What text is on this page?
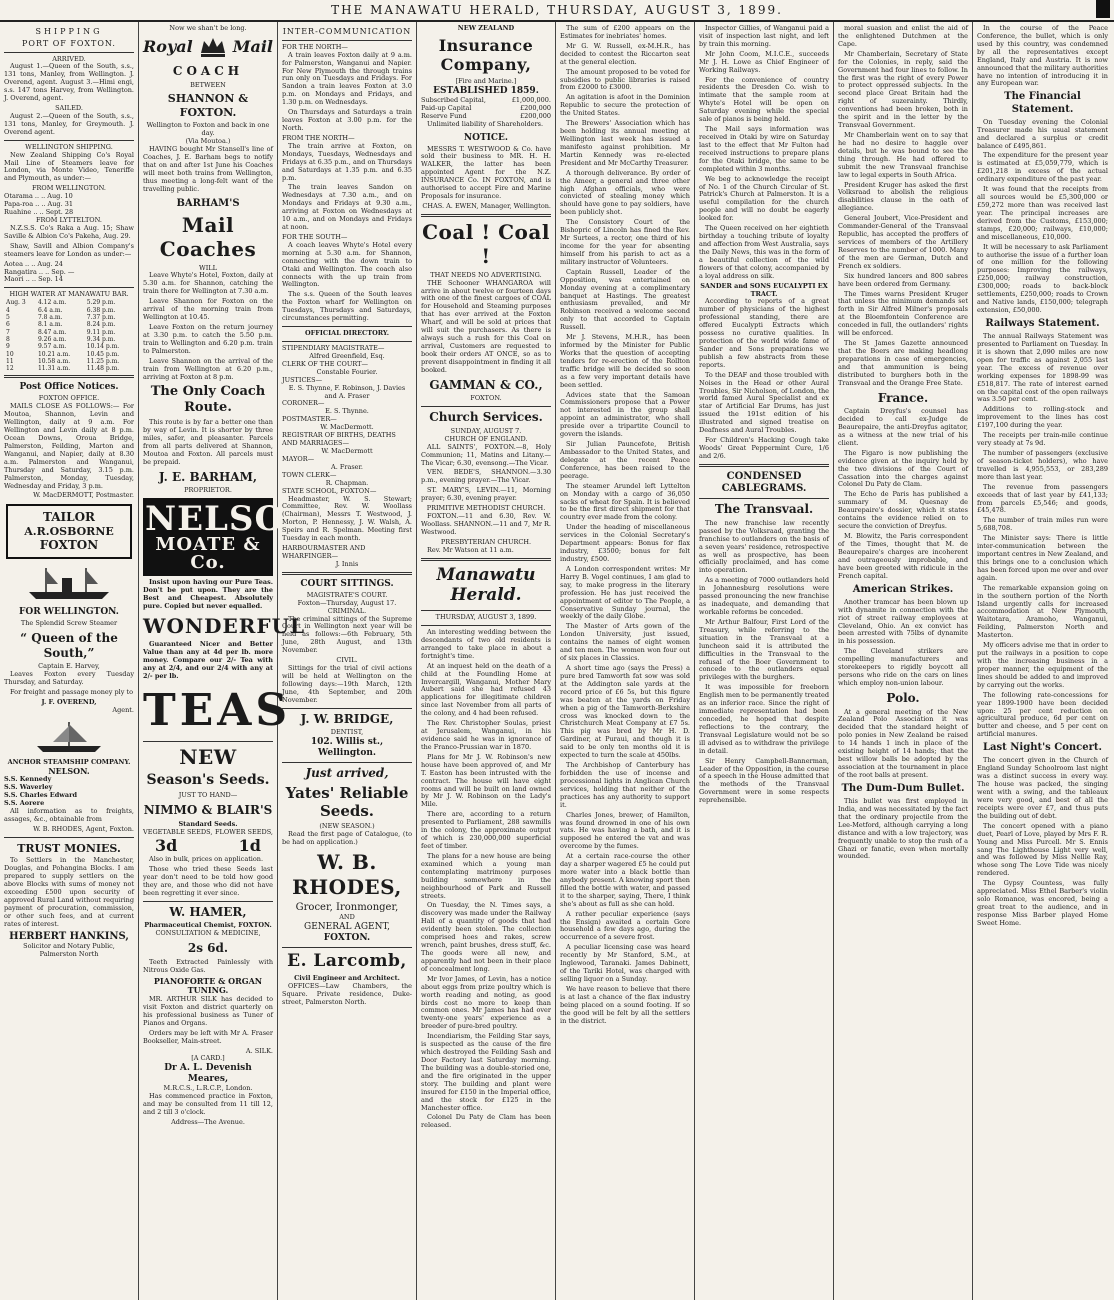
THE MANAWATU HERALD, THURSDAY, AUGUST 3, 1899.
SHIPPING
PORT OF FOXTON.
ARRIVED.

August 1.—Queen of the South, s.s., 131 tons, Manley, from Wellington. J. Overend, agent. August 3.—Himi engi, s.s. 147 tons Harvey, from Wellington. J. Overend, agent.

SAILED.

August 2.—Queen of the South, s.s., 131 tons, Manley, for Greymouth. J. Overend agent.

WELLINGTON SHIPPING.

New Zealand Shipping Co's Royal Mail Line of Steamers leave for London, via Monte Video, Teneriffe and Plymouth, as under:—

FROM WELLINGTON.
Otarama .. .. Aug. 10
Papa-roa .. .. Aug. 31
Ruahine .. .. Sept. 28
FROM LYTTELTON.

N.Z.S.S. Co's Raka a Aug. 15; Shaw Saville & Albion Co's Pakeha, Aug. 29.

Shaw, Savill and Albion Company's steamers leave for London as under:—

Aotea .. .. Aug. 24
Rangatira .. .. Sep. —
Maori .. .. Sep. 14
HIGH WATER AT MANAWATU BAR.
Aug. 3	4.12 a.m.	5.29 p.m.
4	6.4 a.m.	6.38 p.m.
5	7.8 a.m.	7.37 p.m.
6	8.1 a.m.	8.24 p.m.
7	8.47 a.m.	9.11 p.m.
8	9.26 a.m.	9.34 p.m.
9	9.57 a.m.	10.14 p.m.
10	10.21 a.m.	10.45 p.m.
11	10.58 a.m.	11.25 p.m.
12	11.31 a.m.	11.48 p.m.
Post Office Notices.
FOXTON OFFICE.

MAILS CLOSE AS FOLLOWS:— For Moutoa, Shannon, Levin and Wellington, daily at 9 a.m. For Wellington and Levin daily at 8 p.m. Ocean Downs, Oroua Bridge, Palmerston, Feilding, Marton and Wanganui, and Napier, daily at 8.30 a.m. Palmerston and Wanganui, Thursday and Saturday, 3.15 p.m. Palmerston, Monday, Tuesday, Wednesday and Friday, 3 p.m.

W. MacDERMOTT, Postmaster.
TAILOR
A.R.OSBORNE
FOXTON
FOR WELLINGTON.
The Splendid Screw Steamer
“ Queen of the South,”
Captain E. Harvey,

Leaves Foxton every Tuesday Thursday, and Saturday.

For freight and passage money ply to

J. F. OVEREND,
Agent.
ANCHOR STEAMSHIP COMPANY.
NELSON.
S.S. Kennedy
S.S. Waverley
S.S. Charles Edward
S.S. Aorere

All information as to freights, assages, &c., obtainable from

W. B. RHODES, Agent, Foxton.
TRUST MONIES.

To Settlers in the Manchester, Douglas, and Pohangina Blocks. I am prepared to supply settlers on the above Blocks with sums of money not exceeding £500 upon security of approved Rural Land without requiring payment of procuration, commission, or other such fees, and at current rates of interest.

HERBERT HANKINS,
Solicitor and Notary Public, Palmerston North
Now we shan't be long.
Royal	Mail
COACH
BETWEEN
SHANNON & FOXTON.
Wellington to Foxton and back in one day.
(Via Moutoa.)

HAVING bought Mr Stansell's line of Coaches, J. E. Barham begs to notify that on and after 1st June his Coaches will meet both trains from Wellington, thus meeting a long-felt want of the travelling public.

BARHAM'S
Mail Coaches
WILL

Leave Whyte's Hotel, Foxton, daily at 5.30 a.m. for Shannon, catching the train there for Wellington at 7.30 a.m.

Leave Shannon for Foxton on the arrival of the morning train from Wellington at 10.45.

Leave Foxton on the return journey at 3.30 p.m. to catch the 5.50 p.m. train to Wellington and 6.20 p.m. train to Palmerston.

Leave Shannon on the arrival of the train from Wellington at 6.20 p.m., arriving at Foxton at 8 p.m.

The Only Coach Route.

This route is by far a better one than by way of Levin. It is shorter by three miles, safer, and pleasanter. Parcels from all parts delivered at Shannon, Moutoa and Foxton. All parcels must be prepaid.

J. E. BARHAM,
PROPRIETOR.
NELSON
MOATE & Co.

Insist upon having our Pure Teas. Don't be put upon. They are the Best and Cheapest. Absolutely pure. Copied but never equalled.

WONDERFUL

Guaranteed Nicer and Better Value than any at 4d per lb. more money. Compare our 2/- Tea with any at 2/4, and our 2/4 with any at 2/- per lb.

TEAS
NEW
Season's Seeds.
JUST TO HAND—
NIMMO & BLAIR'S
Standard Seeds.
VEGETABLE SEEDS, FLOWER SEEDS,
3d	1d

Also in bulk, prices on application.

Those who tried these Seeds last year don't need to be told how good they are, and those who did not have been regretting it ever since.

W. HAMER,
Pharmaceutical Chemist, FOXTON.
CONSULTATION & MEDICINE,
2s 6d.

Teeth Extracted Painlessly with Nitrous Oxide Gas.

PIANOFORTE & ORGAN TUNING.

MR. ARTHUR SILK has decided to visit Foxton and district quarterly on his professional business as Tuner of Pianos and Organs.

Orders may be left with Mr A. Fraser Bookseller, Main-street.

A. SILK.
[A CARD.]
Dr A. L. Devenish Meares,
M.R.C.S., L.R.C.P., London.

Has commenced practice in Foxton, and may be consulted from 11 till 12, and 2 till 3 o'clock.

Address—The Avenue.
INTER-COMMUNICATION
FOR THE NORTH—

A train leaves Foxton daily at 9 a.m. for Palmerston, Wanganui and Napier. For New Plymouth the through trains run only on Tuesdays and Fridays. For Sandon a train leaves Foxton at 3.0 p.m. on Mondays and Fridays, and 1.30 p.m. on Wednesdays.

On Thursdays and Saturdays a train leaves Foxton at 3.00 p.m. for the North.

FROM THE NORTH—

The train arrive at Foxton, on Mondays, Tuesdays, Wednesdays and Fridays at 6.35 p.m., and on Thursdays and Saturdays at 1.35 p.m. and 6.35 p.m.

The train leaves Sandon on Wednesdays at 7.30 a.m., and on Mondays and Fridays at 9.30 a.m., arriving at Foxton on Wednesdays at 10 a.m., and on Mondays and Fridays at noon.

FOR THE SOUTH—

A coach leaves Whyte's Hotel every morning at 5.30 a.m. for Shannon, connecting with the down train to Otaki and Wellington. The coach also connects with the up train from Wellington.

The s.s. Queen of the South leaves the Foxton wharf for Wellington on Tuesdays, Thursdays and Saturdays, circumstances permitting.

OFFICIAL DIRECTORY.
STIPENDIARY MAGISTRATE—
Alfred Greenfield, Esq.
CLERK OF THE COURT—
Constable Fourier.
JUSTICES—
E. S. Thynne, F. Robinson, J. Davies and A. Fraser
CORONER—
E. S. Thynne.
POSTMASTER—
W. MacDermott.
REGISTRAR OF BIRTHS, DEATHS AND MARRIAGES—
W. MacDermott
MAYOR—
A. Fraser.
TOWN CLERK—
R. Chapman.
STATE SCHOOL, FOXTON—

Headmaster, W. S. Stewart; Committee, Rev. W. Woollass (Chairman), Messrs T. Westwood, J. Morton, P. Hennessy, J. W. Walsh, A. Speirs and R. Spelman. Meeting first Tuesday in each month.

HARBOURMASTER AND WHARFINGER—
J. Innis
COURT SITTINGS.
MAGISTRATE'S COURT.
Foxton—Thursday, August 17.
CRIMINAL.

The criminal sittings of the Supreme Court in Wellington next year will be held as follows:—6th February, 5th June, 28th August, and 13th November.

CIVIL.

Sittings for the trial of civil actions will be held at Wellington on the following days:—19th March, 12th June, 4th September, and 20th November.

J. W. BRIDGE,
DENTIST,
102. Willis st., Wellington.
Just arrived,
Yates' Reliable Seeds.
(NEW SEASON.)

Read the first page of Catalogue, (to be had on application.)

W. B. RHODES,
Grocer, Ironmonger,
AND
GENERAL AGENT,
FOXTON.
E. Larcomb,
Civil Engineer and Architect.

OFFICES—Law Chambers, the Square. Private residence, Duke-street, Palmerston North.

NEW ZEALAND
Insurance Company,
[Fire and Marine.]
ESTABLISHED 1859.
Subscribed Capital,	£1,000,000.
Paid-up Capital	£200,000
Reserve Fund	£200,000

Unlimited liability of Shareholders.

NOTICE.

MESSRS T. WESTWOOD & Co. have sold their business to MR. H. H. WALKER, the latter has been appointed Agent for the N.Z. INSURANCE Co. IN FOXTON, and is authorised to accept Fire and Marine Proposals for insurance.

CHAS. A. EWEN, Manager, Wellington.
Coal ! Coal !
THAT NEEDS NO ADVERTISING.

THE Schooner WHANGAROA will arrive in about twelve or fourteen days with one of the finest cargoes of COAL for Household and Steaming purposes that has ever arrived at the Foxton Wharf, and will be sold at prices that will suit the purchasers. As there is always such a rush for this Coal on arrival, Customers are requested to book their orders AT ONCE, so as to prevent disappointment in finding it all booked.

GAMMAN & CO.,
FOXTON.
Church Services.
SUNDAY, AUGUST 7.
CHURCH OF ENGLAND.

ALL SAINTS', FOXTON.—8, Holy Communion; 11, Matins and Litany.—The Vicar; 6.30, evensong.—The Vicar.

VEN. BEDE'S, SHANNON.—3.30 p.m., evening prayer.—The Vicar.

ST. MARY'S, LEVIN.—11, Morning prayer; 6.30, evening prayer.

PRIMITIVE METHODIST CHURCH.

FOXTON.—11 and 6.30, Rev. W. Woollass. SHANNON.—11 and 7, Mr R. Westwood.

PRESBYTERIAN CHURCH.

Rev. Mr Watson at 11 a.m.

Manawatu Herald.
THURSDAY, AUGUST 3, 1899.

An interesting wedding between the descendants of two old residents is arranged to take place in about a fortnight's time.

At an inquest held on the death of a child at the Foundling Home at Invercargill, Wanganui, Mother Mary Aubert said she had refused 43 applications for illegitimate children since last November from all parts of the colony, and 4 had been refused.

The Rev. Christopher Soulas, priest at Jerusalem, Wanganui, in his evidence said he was in ignorance of the Franco-Prussian war in 1870.

Plans for Mr J. W. Robinson's new house have been approved of, and Mr T. Easton has been intrusted with the contract. The house will have eight rooms and will be built on land owned by Mr J. W. Robinson on the Lady's Mile.

There are, according to a return presented to Parliament, 288 sawmills in the colony, the approximate output of which is 230,000,000 superficial feet of timber.

The plans for a new house are being examined which a young man contemplating matrimony purposes building somewhere in the neighbourhood of Park and Russell streets.

On Tuesday, the N. Times says, a discovery was made under the Railway Hall of a quantity of goods that had evidently been stolen. The collection comprised hoes and rakes, screw wrench, paint brushes, dress stuff, &c. The goods were all new, and apparently had not been in their place of concealment long.

Mr Ivor James, of Levin, has a notice about eggs from prize poultry which is worth reading and noting, as good birds cost no more to keep than common ones. Mr James has had over twenty-one years' experience as a breeder of pure-bred poultry.

Incendiarism, the Feilding Star says, is suspected as the cause of the fire which destroyed the Feilding Sash and Door Factory last Saturday morning. The building was a double-storied one, and the fire originated in the upper story. The building and plant were insured for £150 in the Imperial office, and the stock for £125 in the Manchester office.

Colonel Du Paty de Clam has been released.

The sum of £200 appears on the Estimates for inebriates' homes.

Mr G. W. Russell, ex-M.H.R., has decided to contest the Riccarton seat at the general election.

The amount proposed to be voted for subsidies to public libraries is raised from £2000 to £3000.

An agitation is afoot in the Dominion Republic to secure the protection of the United States.

The Brewers' Association which has been holding its annual meeting at Wellington last week has issued a manifesto against prohibition. Mr Martin Kennedy was re-elected President and Mr McCarthy Treasurer.

A thorough deliverance. By order of the Ameer, a general and three other high Afghan officials, who were convicted of stealing money which should have gone to pay soldiers, have been publicly shot.

The Consistory Court of the Bishopric of Lincoln has fined the Rev. Mr Surtees, a rector, one third of his income for the year for absenting himself from his parish to act as a military instructor of Volunteers.

Captain Russell, Leader of the Opposition, was entertained on Monday evening at a complimentary banquet at Hastings. The greatest enthusiasm prevailed, and Mr Robinson received a welcome second only to that accorded to Captain Russell.

Mr J. Stevens, M.H.R., has been informed by the Minister for Public Works that the question of accepting tenders for re-erection of the Rollton traffic bridge will be decided so soon as a few very important details have been settled.

Advices state that the Samoan Commissioners propose that a Power not interested in the group shall appoint an administrator, who shall preside over a tripartite Council to govern the islands.

Sir Julian Pauncefote, British Ambassador to the United States, and delegate at the recent Peace Conference, has been raised to the peerage.

The steamer Arundel left Lyttelton on Monday with a cargo of 36,050 sacks of wheat for Spain. It is believed to be the first direct shipment for that country ever made from the colony.

Under the heading of miscellaneous services in the Colonial Secretary's Department appears: Bonus for flax industry, £3500; bonus for felt industry, £500.

A London correspondent writes: Mr Harry B. Vogel continues, I am glad to say, to make progress in the literary profession. He has just received the appointment of editor to The People, a Conservative Sunday journal, the weekly of the daily Globe.

The Master of Arts gown of the London University, just issued, contains the names of eight women and ten men. The women won four out of six places in Classics.

A short time ago (says the Press) a pure bred Tamworth fat sow was sold at the Addington sale yards at the record price of £6 5s, but this figure was beaten at the yards on Friday when a pig of the Tamworth-Berkshire cross was knocked down to the Christchurch Meat Company at £7 5s. This pig was bred by Mr H. D. Gardiner, at Puraui, and though it is said to be only ten months old it is expected to turn the scale at 450lbs.

The Archbishop of Canterbury has forbidden the use of incense and processional lights in Anglican Church services, holding that neither of the practices has any authority to support it.

Charles Jones, brewer, of Hamilton, was found drowned in one of his own vats. He was having a bath, and it is supposed he entered the vat and was overcome by the fumes.

At a certain race-course the other day a sharper wagered £5 he could put more water into a black bottle than anybody present. A knowing sport then filled the bottle with water, and passed it to the sharper, saying, There, I think she's about as full as she can hold.

A rather peculiar experience (says the Ensign) awaited a certain Gore household a few days ago, during the occurrence of a severe frost.

A peculiar licensing case was heard recently by Mr Stanford, S.M., at Inglewood, Taranaki. James Dabinett, of the Tariki Hotel, was charged with selling liquor on a Sunday.

We have reason to believe that there is at last a chance of the flax industry being placed on a sound footing. If so the good will be felt by all the settlers in the district.

Inspector Gillies, of Wanganui paid a visit of inspection last night, and left by train this morning.

Mr John Coom, M.I.C.E., succeeds Mr J. H. Lowe as Chief Engineer of Working Railways.

For the convenience of country residents the Dresden Co. wish to intimate that the sample room at Whyte's Hotel will be open on Saturday evening while the special sale of pianos is being held.

The Mail says information was received in Otaki by wire on Saturday last to the effect that Mr Fulton had received instructions to prepare plans for the Otaki bridge, the same to be completed within 3 months.

We beg to acknowledge the receipt of No. 1 of the Church Circular of St. Patrick's Church at Palmerston. It is a useful compilation for the church people and will no doubt be eagerly looked for.

The Queen received on her eightieth birthday a touching tribute of loyalty and affection from West Australia, says the Daily News, this was in the form of a beautiful collection of the wild flowers of that colony, accompanied by a loyal address on silk.

SANDER and SONS EUCALYPTI EX TRACT.

According to reports of a great number of physicians of the highest professional standing, there are offered Eucalypti Extracts which possess no curative qualities. In protection of the world wide fame of Sander and Sons preparations we publish a few abstracts from these reports.

To the DEAF and those troubled with Noises in the Head or other Aural Troubles, Sir Nicholson, of London, the world famed Aural Specialist and ex star of Artificial Ear Drums, has just issued the 191st edition of his illustrated and signed treatise on Deafness and Aural Troubles.

For Children's Hacking Cough take Woods' Great Peppermint Cure, 1/6 and 2/6.

CONDENSED CABLEGRAMS.
The Transvaal.

The new franchise law recently passed by the Volksraad, granting the franchise to outlanders on the basis of a seven years' residence, retrospective as well as prospective, has been officially proclaimed, and has come into operation.

As a meeting of 7000 outlanders held in Johannesburg resolutions were passed pronouncing the new franchise as inadequate, and demanding that workable reforms be conceded.

Mr Arthur Balfour, First Lord of the Treasury, while referring to the situation in the Transvaal at a luncheon said it is attributed the difficulties in the Transvaal to the refusal of the Boer Government to concede to the outlanders equal privileges with the burghers.

It was impossible for freeborn English men to be permanently treated as an inferior race. Since the right of immediate representation had been conceded, he hoped that despite reflections to the contrary, the Transvaal Legislature would not be so ill advised as to withdraw the privilege in detail.

Sir Henry Campbell-Bannerman, Leader of the Opposition, in the course of a speech in the House admitted that the methods of the Transvaal Government were in some respects reprehensible.

moral suasion and enlist the aid of the enlightened Dutchmen at the Cape.

Mr Chamberlain, Secretary of State for the Colonies, in reply, said the Government had four lines to follow. In the first was the right of every Power to protect oppressed subjects. In the second place Great Britain had the right of suzerainty. Thirdly, conventions had been broken, both in the spirit and in the letter by the Transvaal Government.

Mr Chamberlain went on to say that he had no desire to haggle over details, but he was bound to see the thing through. He had offered to submit the new Transvaal franchise law to legal experts in South Africa.

President Kruger has asked the first Volksraad to abolish the religious disabilities clause in the oath of allegiance.

General Joubert, Vice-President and Commander-General of the Transvaal Republic, has accepted the proffers of services of members of the Artillery Reserves to the number of 1000. Many of the men are German, Dutch and French ex soldiers.

Six hundred lancers and 800 sabres have been ordered from Germany.

The Times warns President Kruger that unless the minimum demands set forth in Sir Alfred Milner's proposals at the Bloemfontein Conference are conceded in full, the outlanders' rights will be enforced.

The St James Gazette announced that the Boers are making headlong preparations in case of emergencies, and that ammunition is being distributed to burghers both in the Transvaal and the Orange Free State.

France.

Captain Dreyfus's counsel has decided to call ex-Judge de Beaurepaire, the anti-Dreyfus agitator, as a witness at the new trial of his client.

The Figaro is now publishing the evidence given at the inquiry held by the two divisions of the Court of Cassation into the charges against Colonel Du Paty de Clam.

The Echo de Paris has published a summary of M. Quesnay de Beaurepaire's dossier, which it states contains the evidence relied on to secure the conviction of Dreyfus.

M. Blowitz, the Paris correspondent of the Times, thought that M. de Beaurepaire's charges are incoherent and outrageously improbable, and have been greeted with ridicule in the French capital.

American Strikes.

Another tramcar has been blown up with dynamite in connection with the riot of street railway employees at Cleveland, Ohio. An ex convict has been arrested with 75lbs of dynamite in his possession.

The Cleveland strikers are compelling manufacturers and storekeepers to rigidly boycott all persons who ride on the cars on lines which employ non-union labour.

Polo.

At a general meeting of the New Zealand Polo Association it was decided that the standard height of polo ponies in New Zealand be raised to 14 hands 1 inch in place of the existing height of 14 hands; that the best willow balls be adopted by the association at the tournament in place of the root balls at present.

The Dum-Dum Bullet.

This bullet was first employed in India, and was necessitated by the fact that the ordinary projectile from the Lee-Metford, although carrying a long distance and with a low trajectory, was frequently unable to stop the rush of a Ghazi or fanatic, even when mortally wounded.

In the course of the Peace Conference, the bullet, which is only used by this country, was condemned by all the representatives except England, Italy and Austria. It is now announced that the military authorities have no intention of introducing it in any European war.

The Financial Statement.

On Tuesday evening the Colonial Treasurer made his usual statement and declared a surplus or credit balance of £495,861.

The expenditure for the present year is estimated at £5,059,779, which is £201,218 in excess of the actual ordinary expenditure of the past year.

It was found that the receipts from all sources would be £5,300,000 or £59,272 more than was received last year. The principal increases are derived from the Customs, £153,000; stamps, £20,000; railways, £10,000; and miscellaneous, £10,000.

It will be necessary to ask Parliament to authorise the issue of a further loan of one million for the following purposes: Improving the railways, £250,000; railway construction, £300,000; roads to back-block settlements, £250,000; roads to Crown and Native lands, £150,000; telegraph extension, £50,000.

Railways Statement.

The annual Railways Statement was presented to Parliament on Tuesday. In it is shown that 2,090 miles are now open for traffic as against 2,055 last year. The excess of revenue over working expenses for 1898-99 was £518,817. The rate of interest earned on the capital cost of the open railways was 3.50 per cent.

Additions to rolling-stock and improvement to the lines has cost £197,100 during the year.

The receipts per train-mile continue very steady at 7s 9d.

The number of passengers (exclusive of season-ticket holders), who have travelled is 4,955,553, or 283,289 more than last year.

The revenue from passengers exceeds that of last year by £41,133; from parcels £5,546; and goods, £45,478.

The number of train miles run were 5,688,708.

The Minister says: There is little inter-communication between the important centres in New Zealand, and this brings one to a conclusion which has been forced upon me over and over again.

The remarkable expansion going on in the southern portion of the North Island urgently calls for increased accommodation at New Plymouth, Waitotara, Aramoho, Wanganui, Feilding, Palmerston North and Masterton.

My officers advise me that in order to put the railways in a position to cope with the increasing business in a proper manner, the equipment of the lines should be added to and improved by carrying out the works.

The following rate-concessions for year 1899-1900 have been decided upon: 25 per cent reduction on agricultural produce, 6d per cent on butter and cheese, and 5 per cent on artificial manures.

Last Night's Concert.

The concert given in the Church of England Sunday Schoolroom last night was a distinct success in every way. The house was packed, the singing went with a swing, and the tableaux were very good, and best of all the receipts were over £7, and thus puts the building out of debt.

The concert opened with a piano duet, Pearl of Love, played by Mrs F. R. Young and Miss Purcell. Mr S. Ennis sang The Lighthouse Light very well, and was followed by Miss Nellie Ray, whose song The Love Tide was nicely rendered.

The Gypsy Countess, was fully appreciated. Miss Ethel Barber's violin solo Romance, was encored, being a great treat to the audience, and in response Miss Barber played Home Sweet Home.
